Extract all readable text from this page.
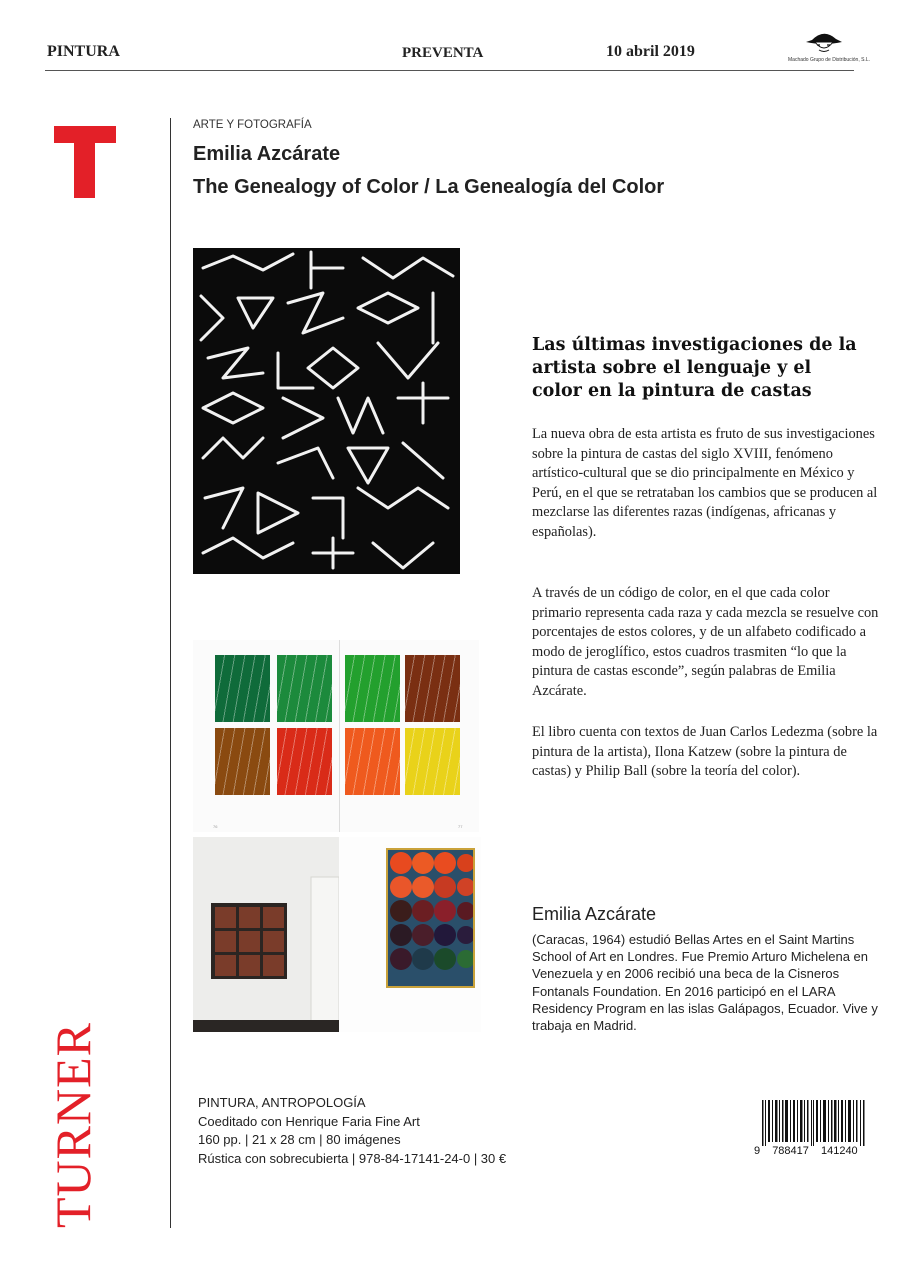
PINTURA	PREVENTA	10 abril 2019	Machado Grupo de Distribución, S.L.
TURNER
ARTE Y FOTOGRAFÍA
Emilia Azcárate
The Genealogy of Color / La Genealogía del Color
76	77
Las últimas investigaciones de la artista sobre el lenguaje y el color en la pintura de castas
La nueva obra de esta artista es fruto de sus investigaciones sobre la pintura de castas del siglo XVIII, fenómeno artístico-cultural que se dio principalmente en México y Perú, en el que se retrataban los cambios que se producen al mezclarse las diferentes razas (indígenas, africanas y españolas).
A través de un código de color, en el que cada color primario representa cada raza y cada mezcla se resuelve con porcentajes de estos colores, y de un alfabeto codificado a modo de jeroglífico, estos cuadros trasmiten “lo que la pintura de castas esconde”, según palabras de Emilia Azcárate.
El libro cuenta con textos de Juan Carlos Ledezma (sobre la pintura de la artista), Ilona Katzew (sobre la pintura de castas) y Philip Ball (sobre la teoría del color).
Emilia Azcárate
(Caracas, 1964) estudió Bellas Artes en el Saint Martins School of Art en Londres. Fue Premio Arturo Michelena en Venezuela y en 2006 recibió una beca de la Cisneros Fontanals Foundation. En 2016 participó en el LARA Residency Program en las islas Galápagos, Ecuador. Vive y trabaja en Madrid.
PINTURA, ANTROPOLOGÍA
Coeditado con Henrique Faria Fine Art
160 pp. | 21 x 28 cm | 80 imágenes
Rústica con sobrecubierta | 978-84-17141-24-0 | 30 €	9 788417 141240
